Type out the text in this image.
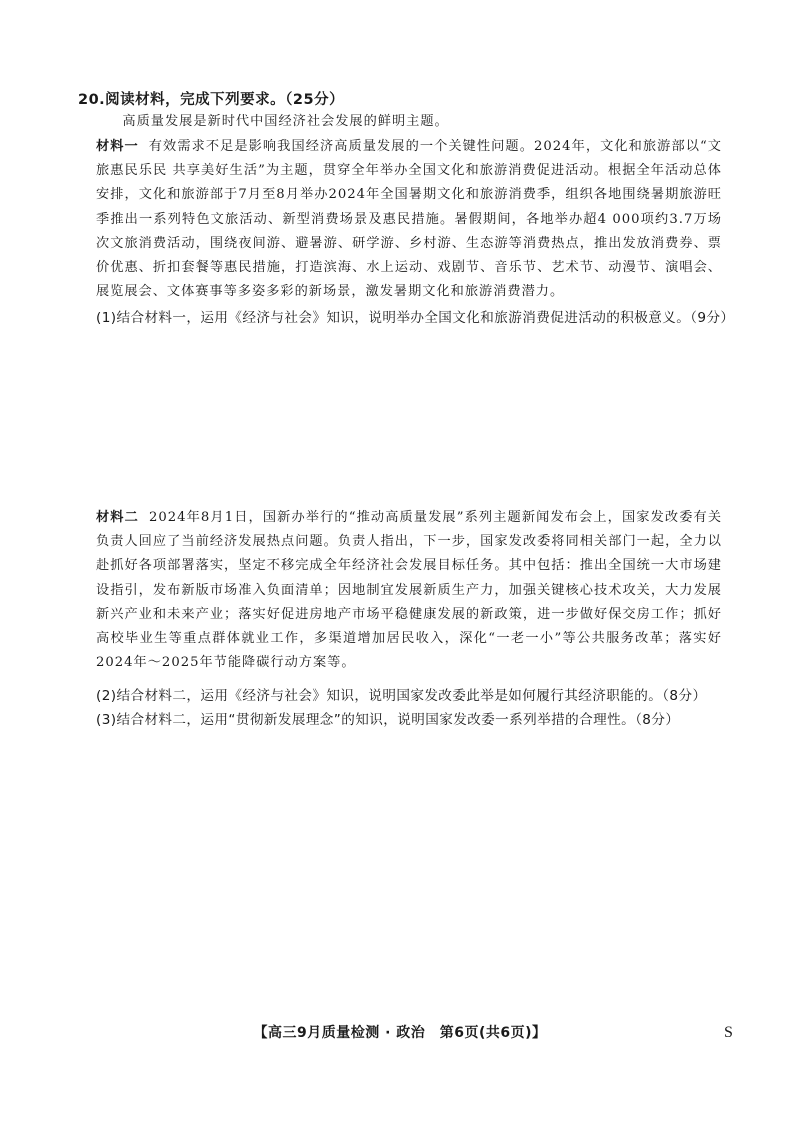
20.阅读材料，完成下列要求。（25分）
高质量发展是新时代中国经济社会发展的鲜明主题。
材料一 有效需求不足是影响我国经济高质量发展的一个关键性问题。2024年，文化和旅游部以“文旅惠民乐民 共享美好生活”为主题，贯穿全年举办全国文化和旅游消费促进活动。根据全年活动总体安排，文化和旅游部于7月至8月举办2024年全国暑期文化和旅游消费季，组织各地围绕暑期旅游旺季推出一系列特色文旅活动、新型消费场景及惠民措施。暑假期间，各地举办超4 000项约3.7万场次文旅消费活动，围绕夜间游、避暑游、研学游、乡村游、生态游等消费热点，推出发放消费券、票价优惠、折扣套餐等惠民措施，打造滨海、水上运动、戏剧节、音乐节、艺术节、动漫节、演唱会、展览展会、文体赛事等多姿多彩的新场景，激发暑期文化和旅游消费潜力。
(1)结合材料一，运用《经济与社会》知识，说明举办全国文化和旅游消费促进活动的积极意义。（9分）
材料二 2024年8月1日，国新办举行的“推动高质量发展”系列主题新闻发布会上，国家发改委有关负责人回应了当前经济发展热点问题。负责人指出，下一步，国家发改委将同相关部门一起，全力以赴抓好各项部署落实，坚定不移完成全年经济社会发展目标任务。其中包括：推出全国统一大市场建设指引，发布新版市场准入负面清单；因地制宜发展新质生产力，加强关键核心技术攻关，大力发展新兴产业和未来产业；落实好促进房地产市场平稳健康发展的新政策，进一步做好保交房工作；抓好高校毕业生等重点群体就业工作，多渠道增加居民收入，深化“一老一小”等公共服务改革；落实好2024年～2025年节能降碳行动方案等。
(2)结合材料二，运用《经济与社会》知识，说明国家发改委此举是如何履行其经济职能的。（8分）
(3)结合材料二，运用“贯彻新发展理念”的知识，说明国家发改委一系列举措的合理性。（8分）
【高三9月质量检测 · 政治　第6页(共6页)】	S
